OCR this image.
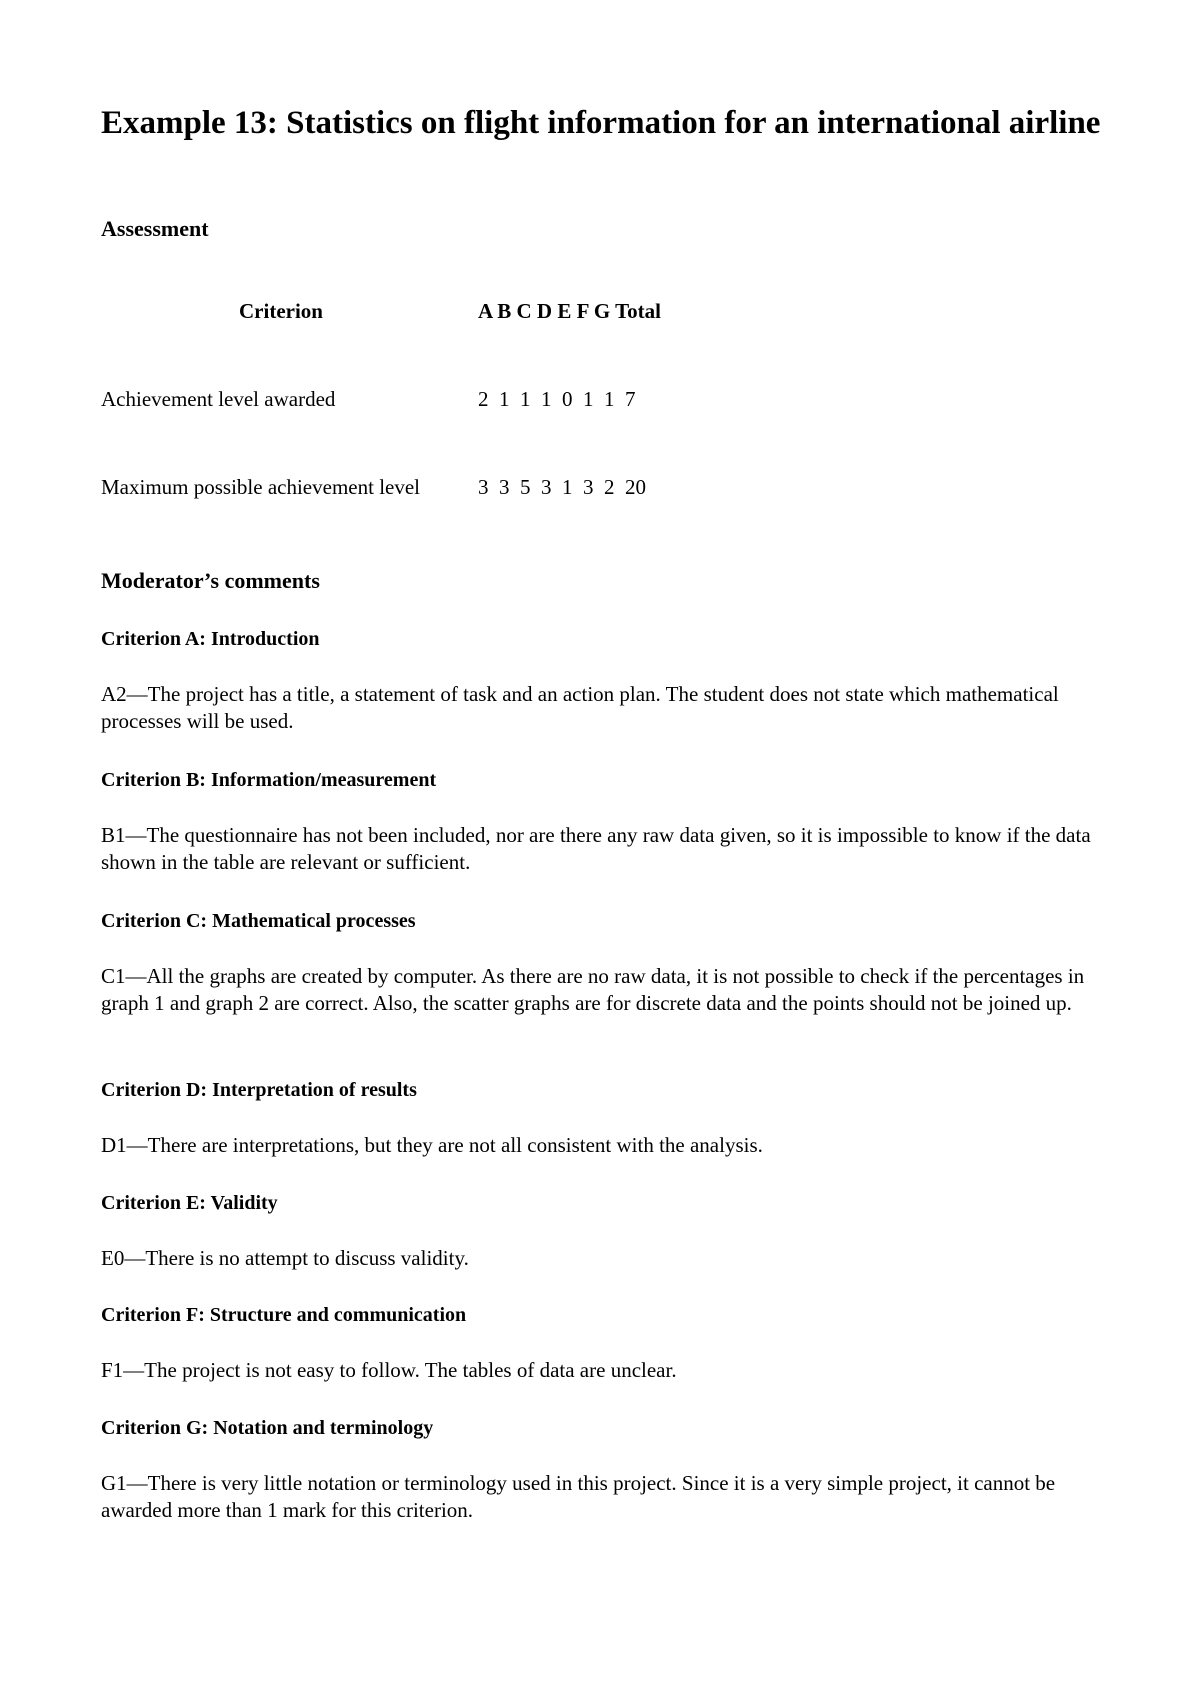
Example 13: Statistics on flight information for an international airline
Assessment
Criterion	A B C D E F G Total
Achievement level awarded	2  1  1  1  0  1  1  7
Maximum possible achievement level	3  3  5  3  1  3  2  20
Moderator’s comments
Criterion A: Introduction

A2—The project has a title, a statement of task and an action plan. The student does not state which mathematical processes will be used.

Criterion B: Information/measurement

B1—The questionnaire has not been included, nor are there any raw data given, so it is impossible to know if the data shown in the table are relevant or sufficient.

Criterion C: Mathematical processes

C1—All the graphs are created by computer. As there are no raw data, it is not possible to check if the percentages in graph 1 and graph 2 are correct. Also, the scatter graphs are for discrete data and the points should not be joined up.

Criterion D: Interpretation of results

D1—There are interpretations, but they are not all consistent with the analysis.

Criterion E: Validity

E0—There is no attempt to discuss validity.

Criterion F: Structure and communication

F1—The project is not easy to follow. The tables of data are unclear.

Criterion G: Notation and terminology

G1—There is very little notation or terminology used in this project. Since it is a very simple project, it cannot be awarded more than 1 mark for this criterion.
